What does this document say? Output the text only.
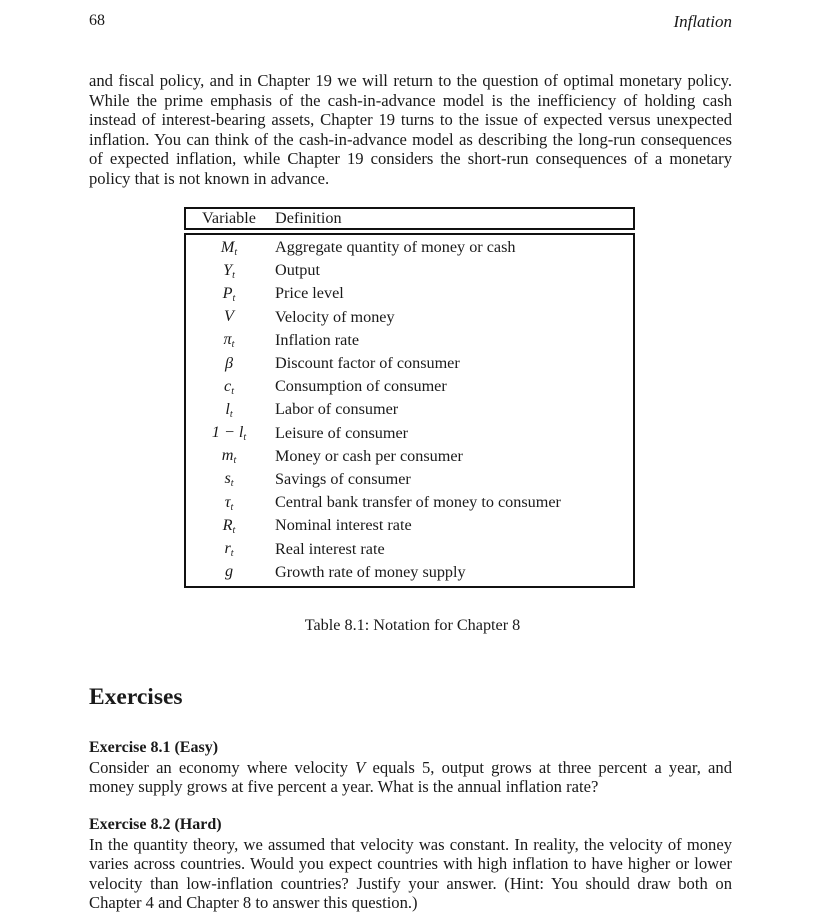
68	Inflation
and fiscal policy, and in Chapter 19 we will return to the question of optimal monetary policy. While the prime emphasis of the cash-in-advance model is the inefficiency of holding cash instead of interest-bearing assets, Chapter 19 turns to the issue of expected versus unexpected inflation. You can think of the cash-in-advance model as describing the long-run consequences of expected inflation, while Chapter 19 considers the short-run consequences of a monetary policy that is not known in advance.
Variable	Definition
$M_t$	Aggregate quantity of money or cash
$Y_t$	Output
$P_t$	Price level
V	Velocity of money
$\pi_t$	Inflation rate
β	Discount factor of consumer
$c_t$	Consumption of consumer
$l_t$	Labor of consumer
$1 - l_t$	Leisure of consumer
$m_t$	Money or cash per consumer
$s_t$	Savings of consumer
$\tau_t$	Central bank transfer of money to consumer
$R_t$	Nominal interest rate
$r_t$	Real interest rate
g	Growth rate of money supply
Table 8.1: Notation for Chapter 8
Exercises
Exercise 8.1 (Easy)
Consider an economy where velocity V equals 5, output grows at three percent a year, and money supply grows at five percent a year. What is the annual inflation rate?
Exercise 8.2 (Hard)
In the quantity theory, we assumed that velocity was constant. In reality, the velocity of money varies across countries. Would you expect countries with high inflation to have higher or lower velocity than low-inflation countries? Justify your answer. (Hint: You should draw both on Chapter 4 and Chapter 8 to answer this question.)
